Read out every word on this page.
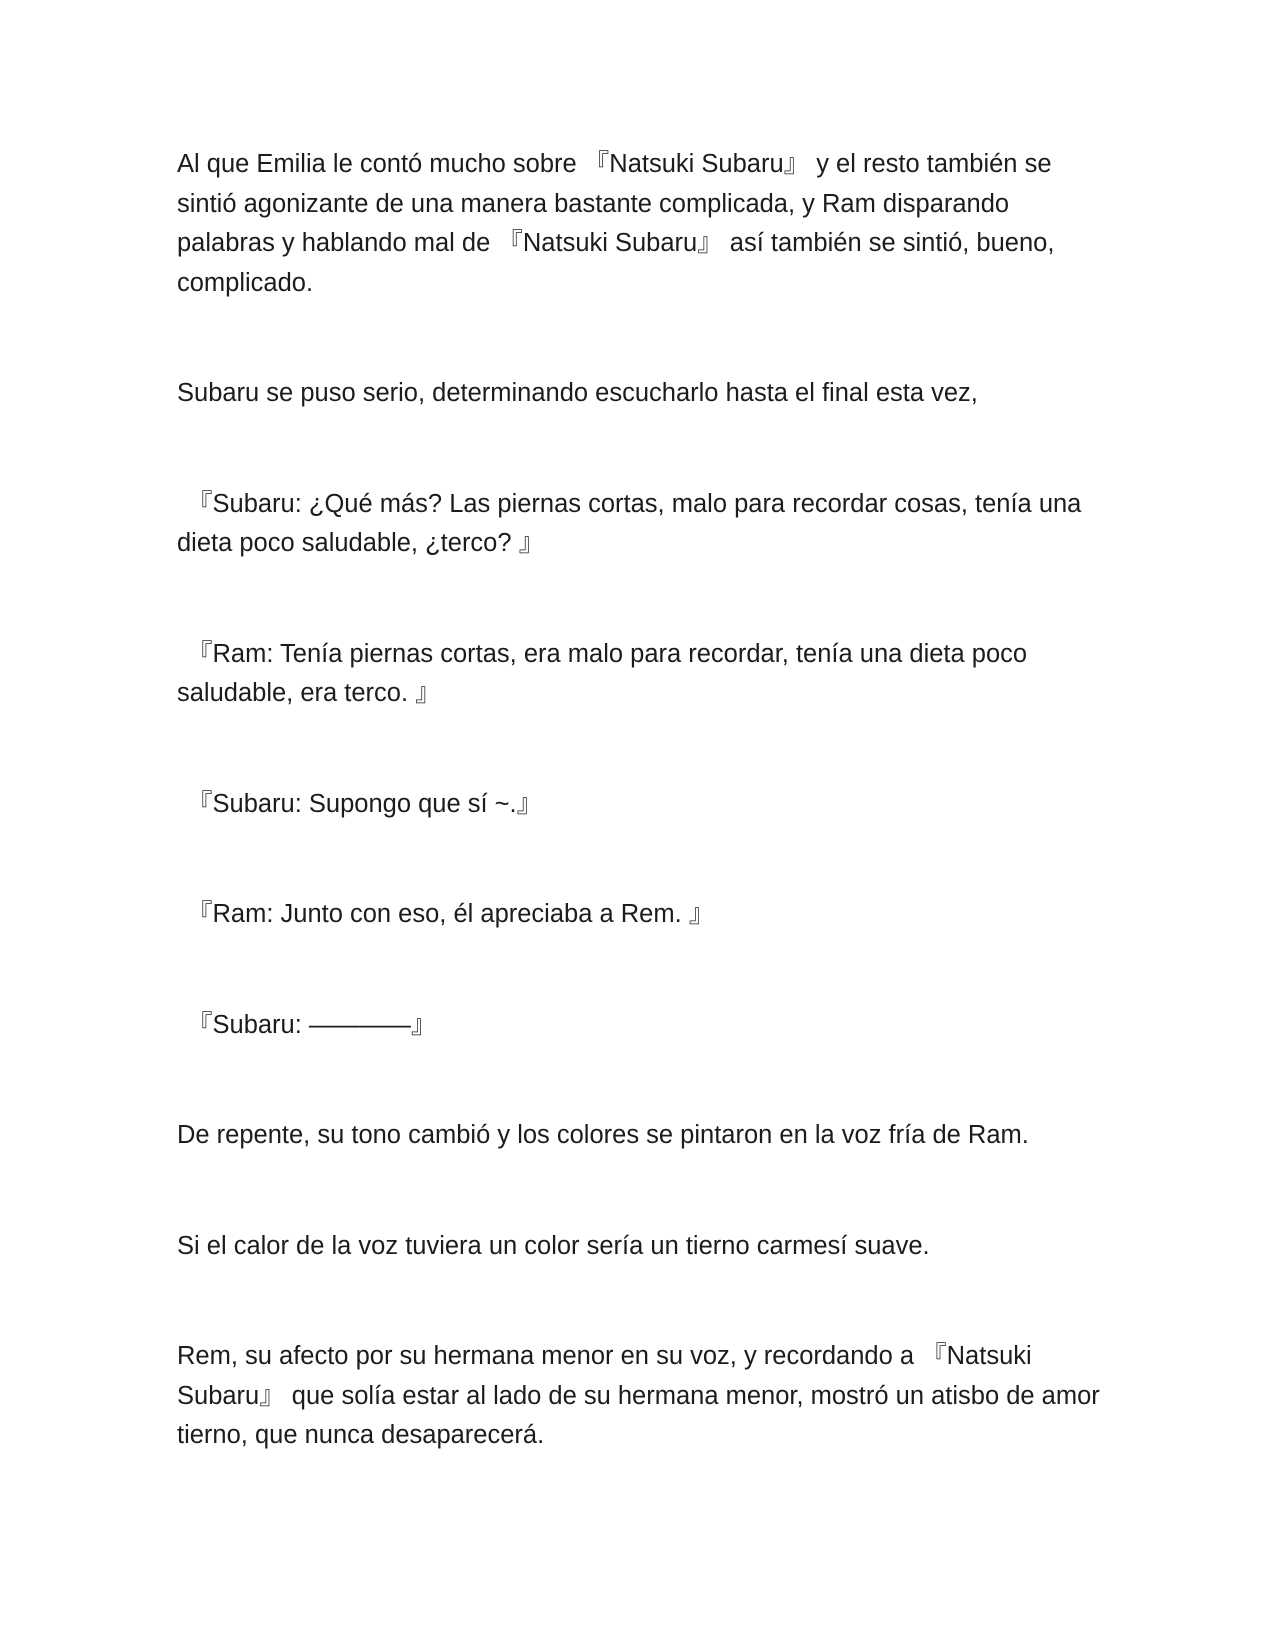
Al que Emilia le contó mucho sobre 『Natsuki Subaru』 y el resto también se sintió agonizante de una manera bastante complicada, y Ram disparando palabras y hablando mal de 『Natsuki Subaru』 así también se sintió, bueno, complicado.

Subaru se puso serio, determinando escucharlo hasta el final esta vez,

『Subaru: ¿Qué más? Las piernas cortas, malo para recordar cosas, tenía una dieta poco saludable, ¿terco? 』

『Ram: Tenía piernas cortas, era malo para recordar, tenía una dieta poco saludable, era terco. 』

『Subaru: Supongo que sí ~.』

『Ram: Junto con eso, él apreciaba a Rem. 』

『Subaru: ————』

De repente, su tono cambió y los colores se pintaron en la voz fría de Ram.

Si el calor de la voz tuviera un color sería un tierno carmesí suave.

Rem, su afecto por su hermana menor en su voz, y recordando a 『Natsuki Subaru』 que solía estar al lado de su hermana menor, mostró un atisbo de amor tierno, que nunca desaparecerá.
